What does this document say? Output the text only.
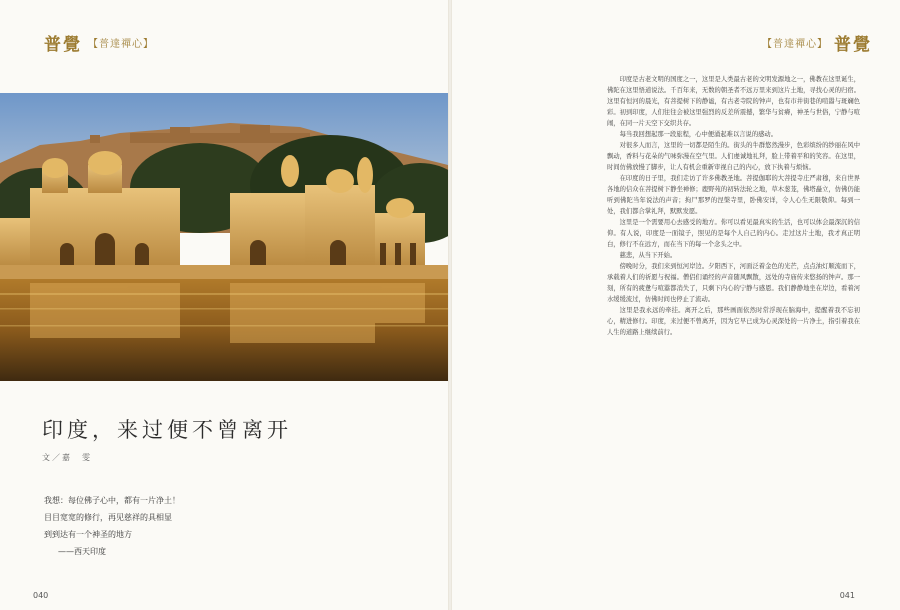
普覺 【普達禪心】
印度，来过便不曾离开
文／嘉　雯
我想：每位佛子心中，都有一片净土！
目目宽宽的修行，再见慈祥的具相显
到到达有一个神圣的地方
——西天印度
040
【普達禪心】 普覺

印度是古老文明的国度之一，这里是人类最古老的文明发源地之一，佛教在这里诞生，佛陀在这里悟道说法。千百年来，无数的朝圣者不远万里来到这片土地，寻找心灵的归宿。这里有恒河的晨光，有菩提树下的静谧，有古老寺院的钟声，也有市井街巷的喧嚣与斑斓色彩。初到印度，人们往往会被这里强烈的反差所震撼，繁华与贫瘠，神圣与世俗，宁静与喧闹，在同一片天空下交织共存。

每当我回想起那一段旅程，心中便涌起难以言说的感动。

对很多人而言，这里的一切都是陌生的。街头的牛群悠然漫步，色彩缤纷的纱丽在风中飘动，香料与花朵的气味弥漫在空气里。人们虔诚地礼拜，脸上带着平和的笑容。在这里，时间仿佛放慢了脚步，让人有机会重新审视自己的内心，放下执着与烦恼。

在印度的日子里，我们走访了许多佛教圣地。菩提伽耶的大菩提寺庄严肃穆，来自世界各地的信众在菩提树下静坐禅修；鹿野苑的初转法轮之地，草木葱茏，佛塔矗立，仿佛仍能听到佛陀当年说法的声音；拘尸那罗的涅槃寺里，卧佛安详，令人心生无限敬仰。每到一处，我们都合掌礼拜，默默发愿。

这里是一个需要用心去感受的地方。你可以看见最真实的生活，也可以体会最深沉的信仰。有人说，印度是一面镜子，照见的是每个人自己的内心。走过这片土地，我才真正明白，修行不在远方，而在当下的每一个念头之中。

慈悲，从当下开始。

傍晚时分，我们来到恒河岸边。夕阳西下，河面泛着金色的光芒，点点油灯顺流而下，承载着人们的祈愿与祝福。僧侣们诵经的声音随风飘散，远处的寺庙传来悠扬的钟声。那一刻，所有的疲惫与喧嚣都消失了，只剩下内心的宁静与感恩。我们静静地坐在岸边，看着河水缓缓流过，仿佛时间也停止了流动。

这里是我永远的牵挂。离开之后，那些画面依然时常浮现在脑海中，提醒着我不忘初心，精进修行。印度，来过便不曾离开，因为它早已成为心灵深处的一片净土，指引着我在人生的道路上继续前行。

041
